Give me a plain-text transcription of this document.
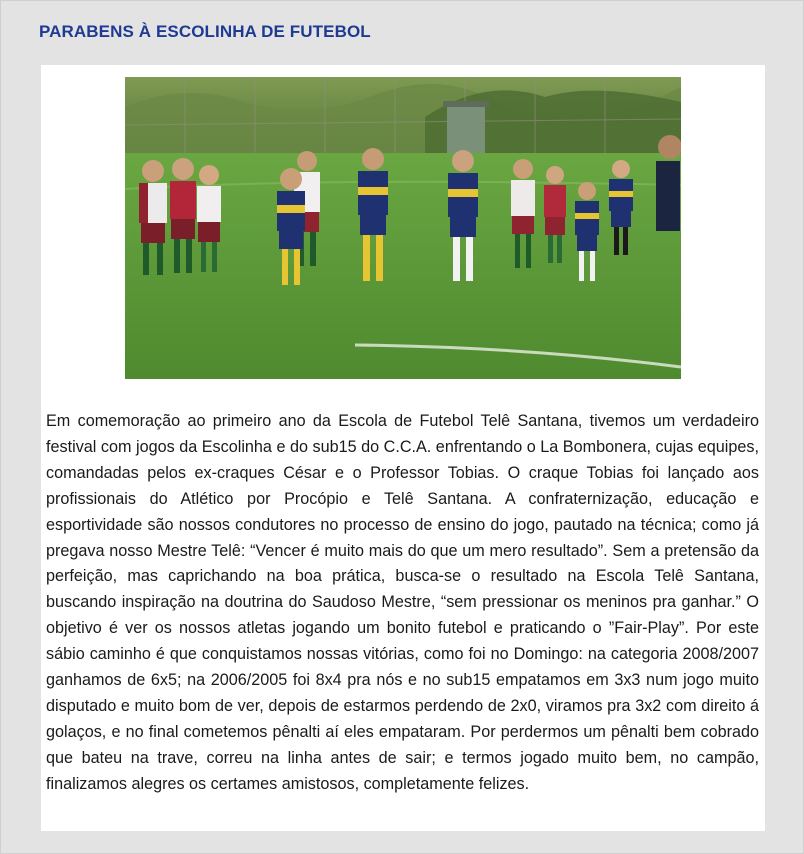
PARABENS À ESCOLINHA DE FUTEBOL

Em comemoração ao primeiro ano da Escola de Futebol Telê Santana, tivemos um verdadeiro festival com jogos da Escolinha e do sub15 do C.C.A. enfrentando o La Bombonera, cujas equipes, comandadas pelos ex-craques César e o Professor Tobias. O craque Tobias foi lançado aos profissionais do Atlético por Procópio e Telê Santana. A confraternização, educação e esportividade são nossos condutores no processo de ensino do jogo, pautado na técnica; como já pregava nosso Mestre Telê: “Vencer é muito mais do que um mero resultado”. Sem a pretensão da perfeição, mas caprichando na boa prática, busca-se o resultado na Escola Telê Santana, buscando inspiração na doutrina do Saudoso Mestre, “sem pressionar os meninos pra ganhar.” O objetivo é ver os nossos atletas jogando um bonito futebol e praticando o ”Fair-Play”. Por este sábio caminho é que conquistamos nossas vitórias, como foi no Domingo: na categoria 2008/2007 ganhamos de 6x5; na 2006/2005 foi 8x4 pra nós e no sub15 empatamos em 3x3 num jogo muito disputado e muito bom de ver, depois de estarmos perdendo de 2x0, viramos pra 3x2 com direito á golaços, e no final cometemos pênalti aí eles empataram. Por perdermos um pênalti bem cobrado que bateu na trave, correu na linha antes de sair; e termos jogado muito bem, no campão, finalizamos alegres os certames amistosos, completamente felizes.
